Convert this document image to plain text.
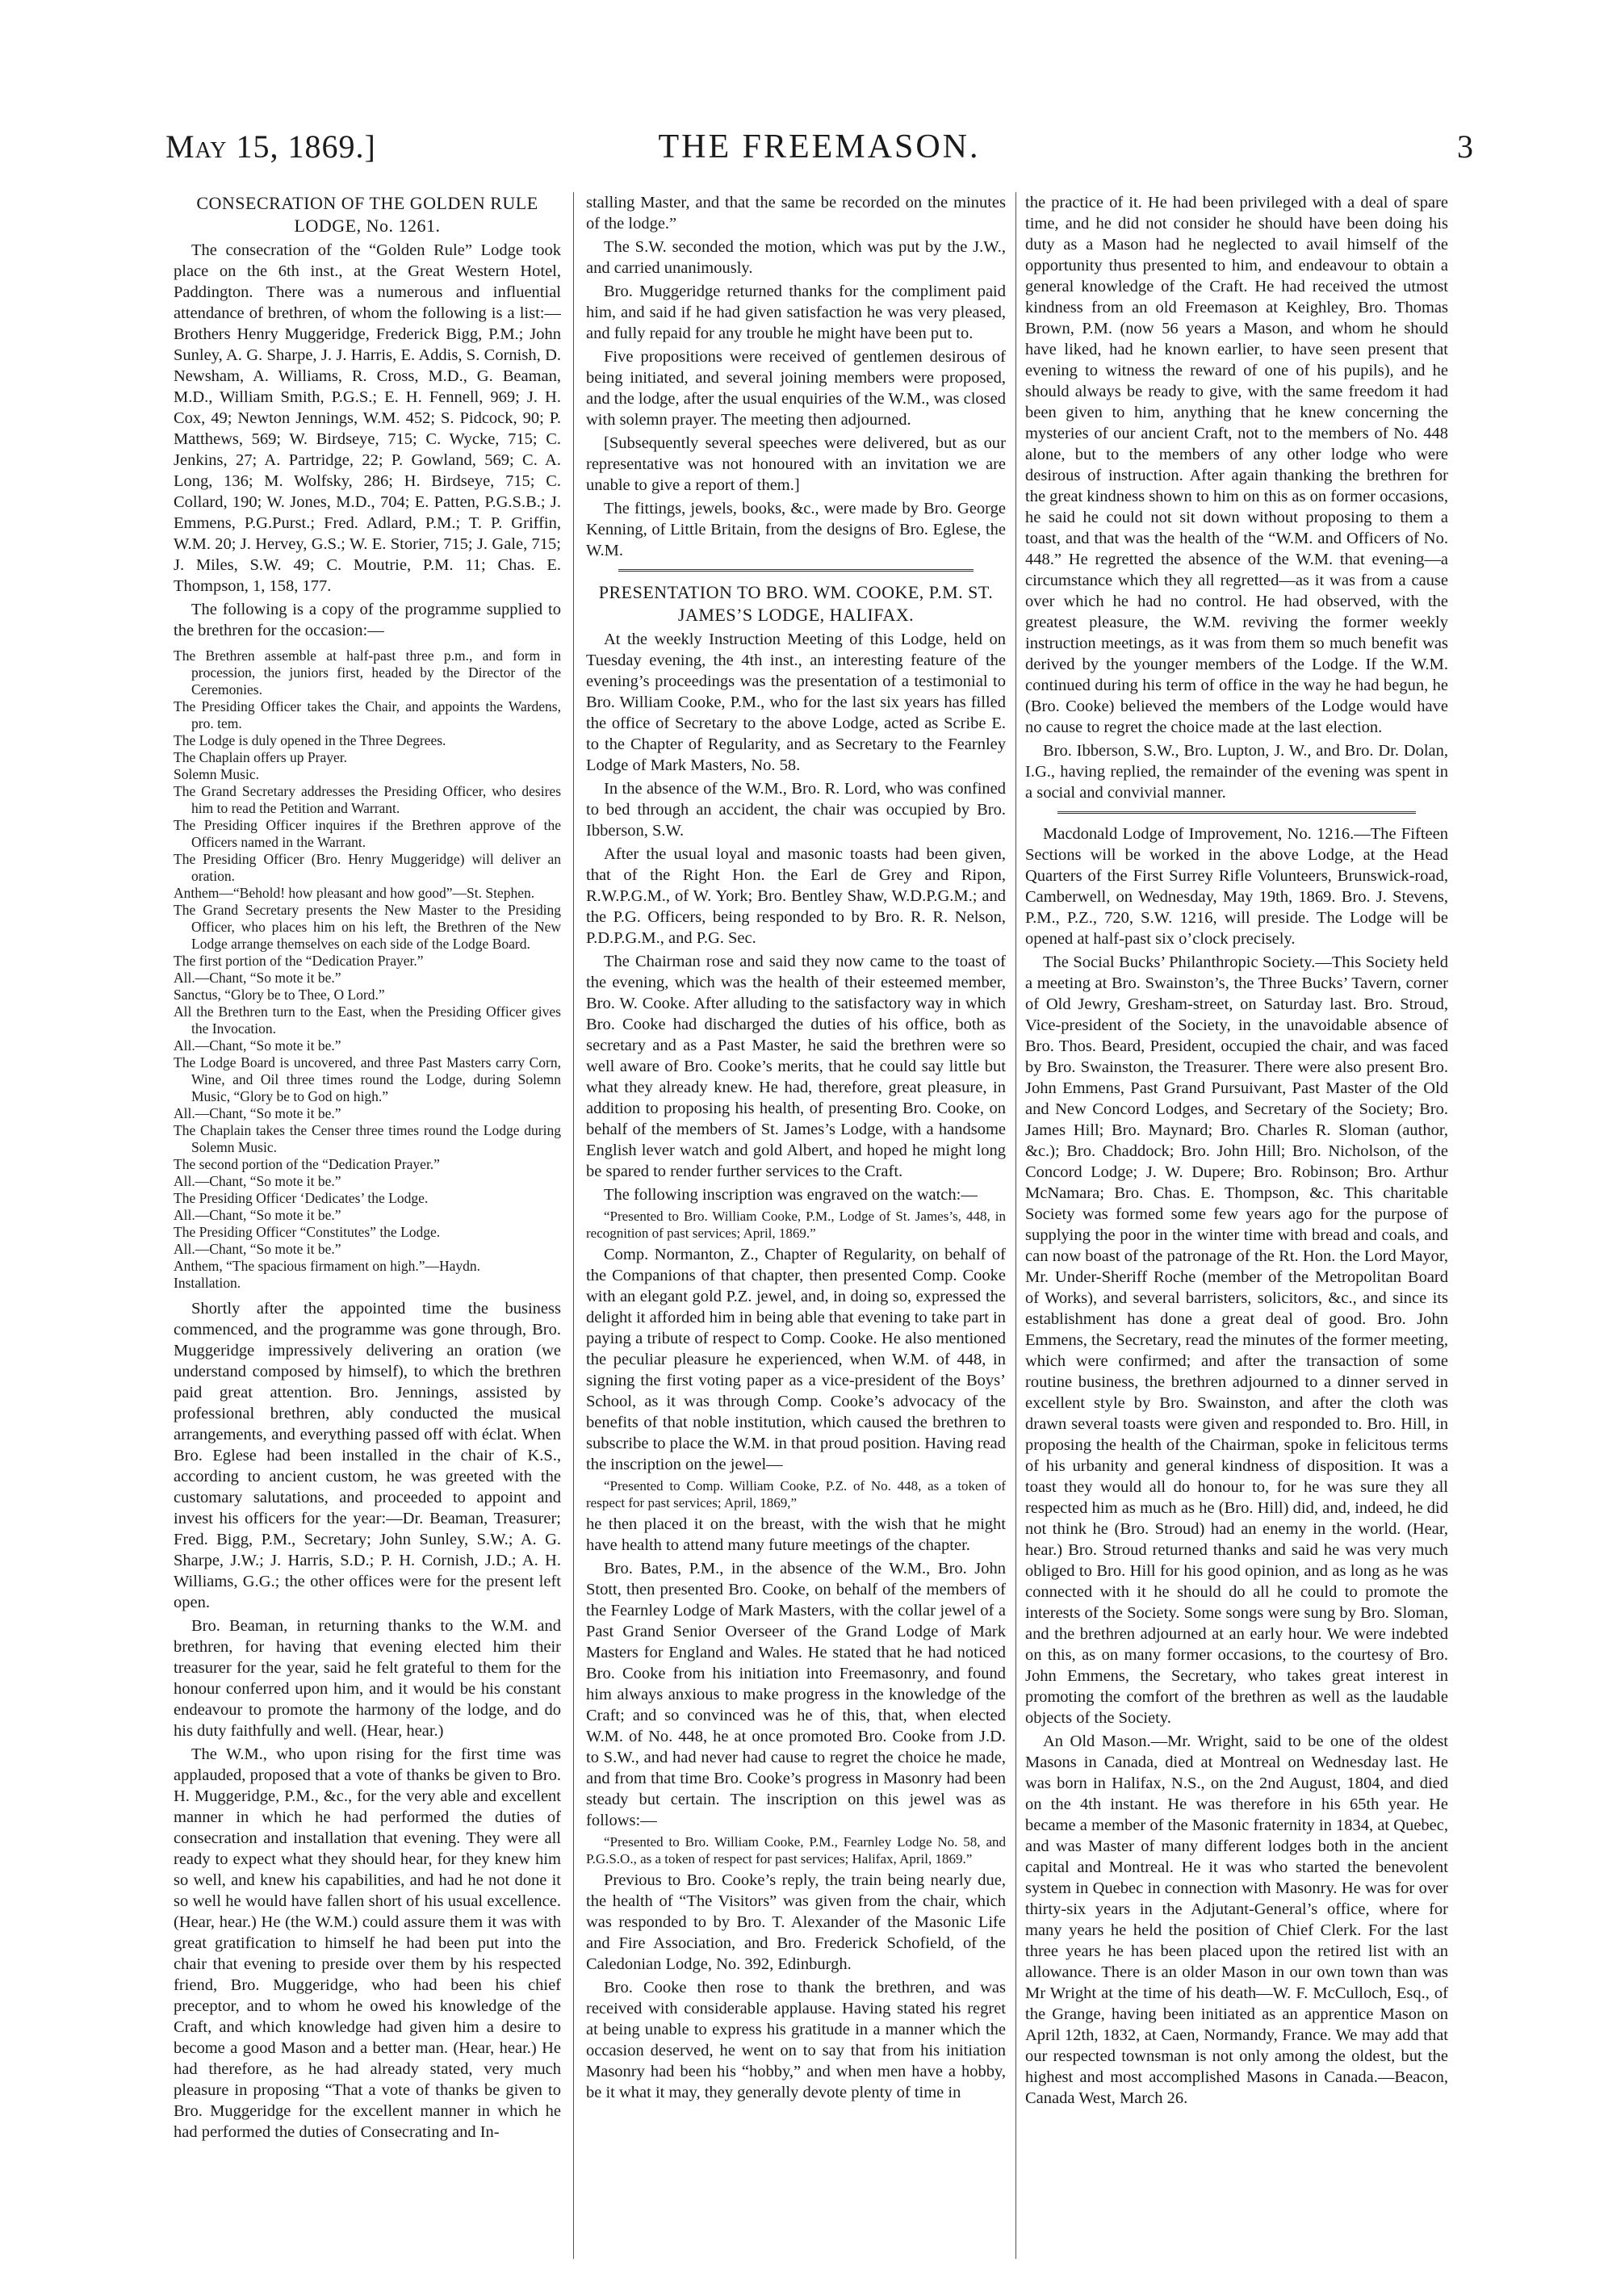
May 15, 1869.]	THE FREEMASON.	3

CONSECRATION OF THE GOLDEN RULE LODGE, No. 1261.

The consecration of the “Golden Rule” Lodge took place on the 6th inst., at the Great Western Hotel, Paddington. There was a numerous and influential attendance of brethren, of whom the following is a list:—Brothers Henry Muggeridge, Frederick Bigg, P.M.; John Sunley, A. G. Sharpe, J. J. Harris, E. Addis, S. Cornish, D. Newsham, A. Williams, R. Cross, M.D., G. Beaman, M.D., William Smith, P.G.S.; E. H. Fennell, 969; J. H. Cox, 49; Newton Jennings, W.M. 452; S. Pidcock, 90; P. Matthews, 569; W. Birdseye, 715; C. Wycke, 715; C. Jenkins, 27; A. Partridge, 22; P. Gowland, 569; C. A. Long, 136; M. Wolfsky, 286; H. Birdseye, 715; C. Collard, 190; W. Jones, M.D., 704; E. Patten, P.G.S.B.; J. Emmens, P.G.Purst.; Fred. Adlard, P.M.; T. P. Griffin, W.M. 20; J. Hervey, G.S.; W. E. Storier, 715; J. Gale, 715; J. Miles, S.W. 49; C. Moutrie, P.M. 11; Chas. E. Thompson, 1, 158, 177.

The following is a copy of the programme supplied to the brethren for the occasion:—

The Brethren assemble at half-past three p.m., and form in procession, the juniors first, headed by the Director of the Ceremonies.
The Presiding Officer takes the Chair, and appoints the Wardens, pro. tem.
The Lodge is duly opened in the Three Degrees.
The Chaplain offers up Prayer.
Solemn Music.
The Grand Secretary addresses the Presiding Officer, who desires him to read the Petition and Warrant.
The Presiding Officer inquires if the Brethren approve of the Officers named in the Warrant.
The Presiding Officer (Bro. Henry Muggeridge) will deliver an oration.
Anthem—“Behold! how pleasant and how good”—St. Stephen.
The Grand Secretary presents the New Master to the Presiding Officer, who places him on his left, the Brethren of the New Lodge arrange themselves on each side of the Lodge Board.
The first portion of the “Dedication Prayer.”
All.—Chant, “So mote it be.”
Sanctus, “Glory be to Thee, O Lord.”
All the Brethren turn to the East, when the Presiding Officer gives the Invocation.
All.—Chant, “So mote it be.”
The Lodge Board is uncovered, and three Past Masters carry Corn, Wine, and Oil three times round the Lodge, during Solemn Music, “Glory be to God on high.”
All.—Chant, “So mote it be.”
The Chaplain takes the Censer three times round the Lodge during Solemn Music.
The second portion of the “Dedication Prayer.”
All.—Chant, “So mote it be.”
The Presiding Officer ‘Dedicates’ the Lodge.
All.—Chant, “So mote it be.”
The Presiding Officer “Constitutes” the Lodge.
All.—Chant, “So mote it be.”
Anthem, “The spacious firmament on high.”—Haydn.
Installation.

Shortly after the appointed time the business commenced, and the programme was gone through, Bro. Muggeridge impressively delivering an oration (we understand composed by himself), to which the brethren paid great attention. Bro. Jennings, assisted by professional brethren, ably conducted the musical arrangements, and everything passed off with éclat. When Bro. Eglese had been installed in the chair of K.S., according to ancient custom, he was greeted with the customary salutations, and proceeded to appoint and invest his officers for the year:—Dr. Beaman, Treasurer; Fred. Bigg, P.M., Secretary; John Sunley, S.W.; A. G. Sharpe, J.W.; J. Harris, S.D.; P. H. Cornish, J.D.; A. H. Williams, G.G.; the other offices were for the present left open.

Bro. Beaman, in returning thanks to the W.M. and brethren, for having that evening elected him their treasurer for the year, said he felt grateful to them for the honour conferred upon him, and it would be his constant endeavour to promote the harmony of the lodge, and do his duty faithfully and well. (Hear, hear.)

The W.M., who upon rising for the first time was applauded, proposed that a vote of thanks be given to Bro. H. Muggeridge, P.M., &c., for the very able and excellent manner in which he had performed the duties of consecration and installation that evening. They were all ready to expect what they should hear, for they knew him so well, and knew his capabilities, and had he not done it so well he would have fallen short of his usual excellence. (Hear, hear.) He (the W.M.) could assure them it was with great gratification to himself he had been put into the chair that evening to preside over them by his respected friend, Bro. Muggeridge, who had been his chief preceptor, and to whom he owed his knowledge of the Craft, and which knowledge had given him a desire to become a good Mason and a better man. (Hear, hear.) He had therefore, as he had already stated, very much pleasure in proposing “That a vote of thanks be given to Bro. Muggeridge for the excellent manner in which he had performed the duties of Consecrating and In-

stalling Master, and that the same be recorded on the minutes of the lodge.”

The S.W. seconded the motion, which was put by the J.W., and carried unanimously.

Bro. Muggeridge returned thanks for the compliment paid him, and said if he had given satisfaction he was very pleased, and fully repaid for any trouble he might have been put to.

Five propositions were received of gentlemen desirous of being initiated, and several joining members were proposed, and the lodge, after the usual enquiries of the W.M., was closed with solemn prayer. The meeting then adjourned.

[Subsequently several speeches were delivered, but as our representative was not honoured with an invitation we are unable to give a report of them.]

The fittings, jewels, books, &c., were made by Bro. George Kenning, of Little Britain, from the designs of Bro. Eglese, the W.M.

PRESENTATION TO BRO. WM. COOKE, P.M. ST. JAMES’S LODGE, HALIFAX.

At the weekly Instruction Meeting of this Lodge, held on Tuesday evening, the 4th inst., an interesting feature of the evening’s proceedings was the presentation of a testimonial to Bro. William Cooke, P.M., who for the last six years has filled the office of Secretary to the above Lodge, acted as Scribe E. to the Chapter of Regularity, and as Secretary to the Fearnley Lodge of Mark Masters, No. 58.

In the absence of the W.M., Bro. R. Lord, who was confined to bed through an accident, the chair was occupied by Bro. Ibberson, S.W.

After the usual loyal and masonic toasts had been given, that of the Right Hon. the Earl de Grey and Ripon, R.W.P.G.M., of W. York; Bro. Bentley Shaw, W.D.P.G.M.; and the P.G. Officers, being responded to by Bro. R. R. Nelson, P.D.P.G.M., and P.G. Sec.

The Chairman rose and said they now came to the toast of the evening, which was the health of their esteemed member, Bro. W. Cooke. After alluding to the satisfactory way in which Bro. Cooke had discharged the duties of his office, both as secretary and as a Past Master, he said the brethren were so well aware of Bro. Cooke’s merits, that he could say little but what they already knew. He had, therefore, great pleasure, in addition to proposing his health, of presenting Bro. Cooke, on behalf of the members of St. James’s Lodge, with a handsome English lever watch and gold Albert, and hoped he might long be spared to render further services to the Craft.

The following inscription was engraved on the watch:—

“Presented to Bro. William Cooke, P.M., Lodge of St. James’s, 448, in recognition of past services; April, 1869.”

Comp. Normanton, Z., Chapter of Regularity, on behalf of the Companions of that chapter, then presented Comp. Cooke with an elegant gold P.Z. jewel, and, in doing so, expressed the delight it afforded him in being able that evening to take part in paying a tribute of respect to Comp. Cooke. He also mentioned the peculiar pleasure he experienced, when W.M. of 448, in signing the first voting paper as a vice-president of the Boys’ School, as it was through Comp. Cooke’s advocacy of the benefits of that noble institution, which caused the brethren to subscribe to place the W.M. in that proud position. Having read the inscription on the jewel—

“Presented to Comp. William Cooke, P.Z. of No. 448, as a token of respect for past services; April, 1869,”

he then placed it on the breast, with the wish that he might have health to attend many future meetings of the chapter.

Bro. Bates, P.M., in the absence of the W.M., Bro. John Stott, then presented Bro. Cooke, on behalf of the members of the Fearnley Lodge of Mark Masters, with the collar jewel of a Past Grand Senior Overseer of the Grand Lodge of Mark Masters for England and Wales. He stated that he had noticed Bro. Cooke from his initiation into Freemasonry, and found him always anxious to make progress in the knowledge of the Craft; and so convinced was he of this, that, when elected W.M. of No. 448, he at once promoted Bro. Cooke from J.D. to S.W., and had never had cause to regret the choice he made, and from that time Bro. Cooke’s progress in Masonry had been steady but certain. The inscription on this jewel was as follows:—

“Presented to Bro. William Cooke, P.M., Fearnley Lodge No. 58, and P.G.S.O., as a token of respect for past services; Halifax, April, 1869.”

Previous to Bro. Cooke’s reply, the train being nearly due, the health of “The Visitors” was given from the chair, which was responded to by Bro. T. Alexander of the Masonic Life and Fire Association, and Bro. Frederick Schofield, of the Caledonian Lodge, No. 392, Edinburgh.

Bro. Cooke then rose to thank the brethren, and was received with considerable applause. Having stated his regret at being unable to express his gratitude in a manner which the occasion deserved, he went on to say that from his initiation Masonry had been his “hobby,” and when men have a hobby, be it what it may, they generally devote plenty of time in

the practice of it. He had been privileged with a deal of spare time, and he did not consider he should have been doing his duty as a Mason had he neglected to avail himself of the opportunity thus presented to him, and endeavour to obtain a general knowledge of the Craft. He had received the utmost kindness from an old Freemason at Keighley, Bro. Thomas Brown, P.M. (now 56 years a Mason, and whom he should have liked, had he known earlier, to have seen present that evening to witness the reward of one of his pupils), and he should always be ready to give, with the same freedom it had been given to him, anything that he knew concerning the mysteries of our ancient Craft, not to the members of No. 448 alone, but to the members of any other lodge who were desirous of instruction. After again thanking the brethren for the great kindness shown to him on this as on former occasions, he said he could not sit down without proposing to them a toast, and that was the health of the “W.M. and Officers of No. 448.” He regretted the absence of the W.M. that evening—a circumstance which they all regretted—as it was from a cause over which he had no control. He had observed, with the greatest pleasure, the W.M. reviving the former weekly instruction meetings, as it was from them so much benefit was derived by the younger members of the Lodge. If the W.M. continued during his term of office in the way he had begun, he (Bro. Cooke) believed the members of the Lodge would have no cause to regret the choice made at the last election.

Bro. Ibberson, S.W., Bro. Lupton, J. W., and Bro. Dr. Dolan, I.G., having replied, the remainder of the evening was spent in a social and convivial manner.

Macdonald Lodge of Improvement, No. 1216.—The Fifteen Sections will be worked in the above Lodge, at the Head Quarters of the First Surrey Rifle Volunteers, Brunswick-road, Camberwell, on Wednesday, May 19th, 1869. Bro. J. Stevens, P.M., P.Z., 720, S.W. 1216, will preside. The Lodge will be opened at half-past six o’clock precisely.

The Social Bucks’ Philanthropic Society.—This Society held a meeting at Bro. Swainston’s, the Three Bucks’ Tavern, corner of Old Jewry, Gresham-street, on Saturday last. Bro. Stroud, Vice-president of the Society, in the unavoidable absence of Bro. Thos. Beard, President, occupied the chair, and was faced by Bro. Swainston, the Treasurer. There were also present Bro. John Emmens, Past Grand Pursuivant, Past Master of the Old and New Concord Lodges, and Secretary of the Society; Bro. James Hill; Bro. Maynard; Bro. Charles R. Sloman (author, &c.); Bro. Chaddock; Bro. John Hill; Bro. Nicholson, of the Concord Lodge; J. W. Dupere; Bro. Robinson; Bro. Arthur McNamara; Bro. Chas. E. Thompson, &c. This charitable Society was formed some few years ago for the purpose of supplying the poor in the winter time with bread and coals, and can now boast of the patronage of the Rt. Hon. the Lord Mayor, Mr. Under-Sheriff Roche (member of the Metropolitan Board of Works), and several barristers, solicitors, &c., and since its establishment has done a great deal of good. Bro. John Emmens, the Secretary, read the minutes of the former meeting, which were confirmed; and after the transaction of some routine business, the brethren adjourned to a dinner served in excellent style by Bro. Swainston, and after the cloth was drawn several toasts were given and responded to. Bro. Hill, in proposing the health of the Chairman, spoke in felicitous terms of his urbanity and general kindness of disposition. It was a toast they would all do honour to, for he was sure they all respected him as much as he (Bro. Hill) did, and, indeed, he did not think he (Bro. Stroud) had an enemy in the world. (Hear, hear.) Bro. Stroud returned thanks and said he was very much obliged to Bro. Hill for his good opinion, and as long as he was connected with it he should do all he could to promote the interests of the Society. Some songs were sung by Bro. Sloman, and the brethren adjourned at an early hour. We were indebted on this, as on many former occasions, to the courtesy of Bro. John Emmens, the Secretary, who takes great interest in promoting the comfort of the brethren as well as the laudable objects of the Society.

An Old Mason.—Mr. Wright, said to be one of the oldest Masons in Canada, died at Montreal on Wednesday last. He was born in Halifax, N.S., on the 2nd August, 1804, and died on the 4th instant. He was therefore in his 65th year. He became a member of the Masonic fraternity in 1834, at Quebec, and was Master of many different lodges both in the ancient capital and Montreal. He it was who started the benevolent system in Quebec in connection with Masonry. He was for over thirty-six years in the Adjutant-General’s office, where for many years he held the position of Chief Clerk. For the last three years he has been placed upon the retired list with an allowance. There is an older Mason in our own town than was Mr Wright at the time of his death—W. F. McCulloch, Esq., of the Grange, having been initiated as an apprentice Mason on April 12th, 1832, at Caen, Normandy, France. We may add that our respected townsman is not only among the oldest, but the highest and most accomplished Masons in Canada.—Beacon, Canada West, March 26.
